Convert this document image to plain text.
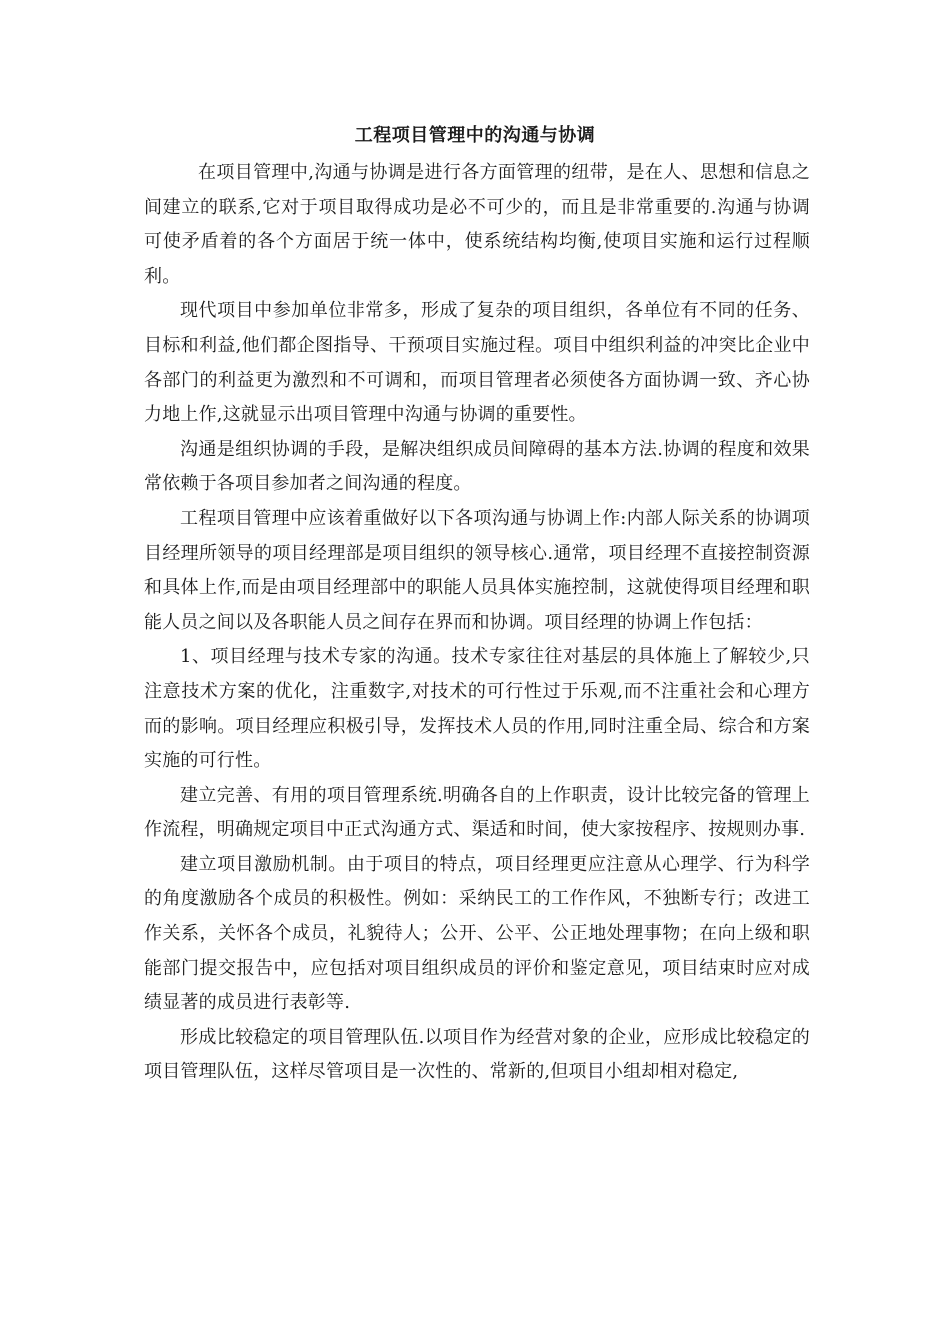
工程项目管理中的沟通与协调

在项目管理中,沟通与协调是进行各方面管理的纽带，是在人、思想和信息之间建立的联系,它对于项目取得成功是必不可少的，而且是非常重要的.沟通与协调可使矛盾着的各个方面居于统一体中，使系统结构均衡,使项目实施和运行过程顺利。

现代项目中参加单位非常多，形成了复杂的项目组织，各单位有不同的任务、目标和利益,他们都企图指导、干预项目实施过程。项目中组织利益的冲突比企业中各部门的利益更为激烈和不可调和，而项目管理者必须使各方面协调一致、齐心协力地上作,这就显示出项目管理中沟通与协调的重要性。

沟通是组织协调的手段，是解决组织成员间障碍的基本方法.协调的程度和效果常依赖于各项目参加者之间沟通的程度。

工程项目管理中应该着重做好以下各项沟通与协调上作:内部人际关系的协调项目经理所领导的项目经理部是项目组织的领导核心.通常，项目经理不直接控制资源和具体上作,而是由项目经理部中的职能人员具体实施控制，这就使得项目经理和职能人员之间以及各职能人员之间存在界而和协调。项目经理的协调上作包括：

1、项目经理与技术专家的沟通。技术专家往往对基层的具体施上了解较少,只注意技术方案的优化，注重数字,对技术的可行性过于乐观,而不注重社会和心理方而的影响。项目经理应积极引导，发挥技术人员的作用,同时注重全局、综合和方案实施的可行性。

建立完善、有用的项目管理系统.明确各自的上作职责，设计比较完备的管理上作流程，明确规定项目中正式沟通方式、渠适和时间，使大家按程序、按规则办事.

建立项目激励机制。由于项目的特点，项目经理更应注意从心理学、行为科学的角度激励各个成员的积极性。例如：采纳民工的工作作风，不独断专行；改进工作关系，关怀各个成员，礼貌待人；公开、公平、公正地处理事物；在向上级和职能部门提交报告中，应包括对项目组织成员的评价和鉴定意见，项目结束时应对成绩显著的成员进行表彰等.

形成比较稳定的项目管理队伍.以项目作为经营对象的企业，应形成比较稳定的项目管理队伍，这样尽管项目是一次性的、常新的,但项目小组却相对稳定,
